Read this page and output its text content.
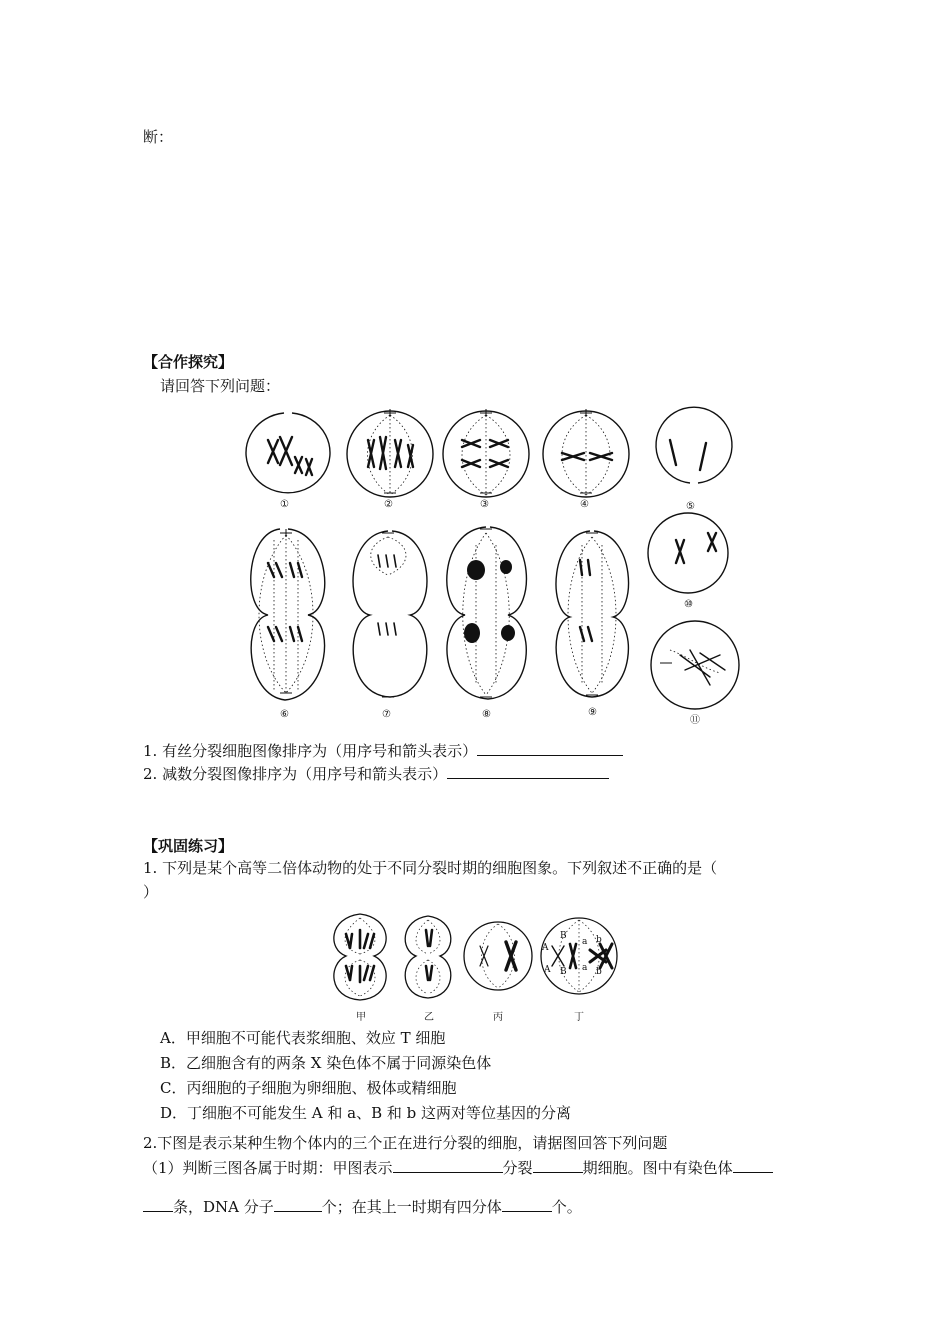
断：
【合作探究】
请回答下列问题：
①	②	③	④	⑤
⑥	⑦	⑧	⑨
⑩
⑪
1. 有丝分裂细胞图像排序为（用序号和箭头表示）
2. 减数分裂图像排序为（用序号和箭头表示）
【巩固练习】
1. 下列是某个高等二倍体动物的处于不同分裂时期的细胞图象。下列叙述不正确的是（
）
A
B
a b
B
A	a b
甲	乙	丙	丁
A．甲细胞不可能代表浆细胞、效应 T 细胞
B．乙细胞含有的两条 X 染色体不属于同源染色体
C．丙细胞的子细胞为卵细胞、极体或精细胞
D．丁细胞不可能发生 A 和 a、B 和 b 这两对等位基因的分离
2.下图是表示某种生物个体内的三个正在进行分裂的细胞，请据图回答下列问题
（1）判断三图各属于时期：甲图表示	分裂	期细胞。图中有染色体
条，DNA 分子	个；在其上一时期有四分体	个。
